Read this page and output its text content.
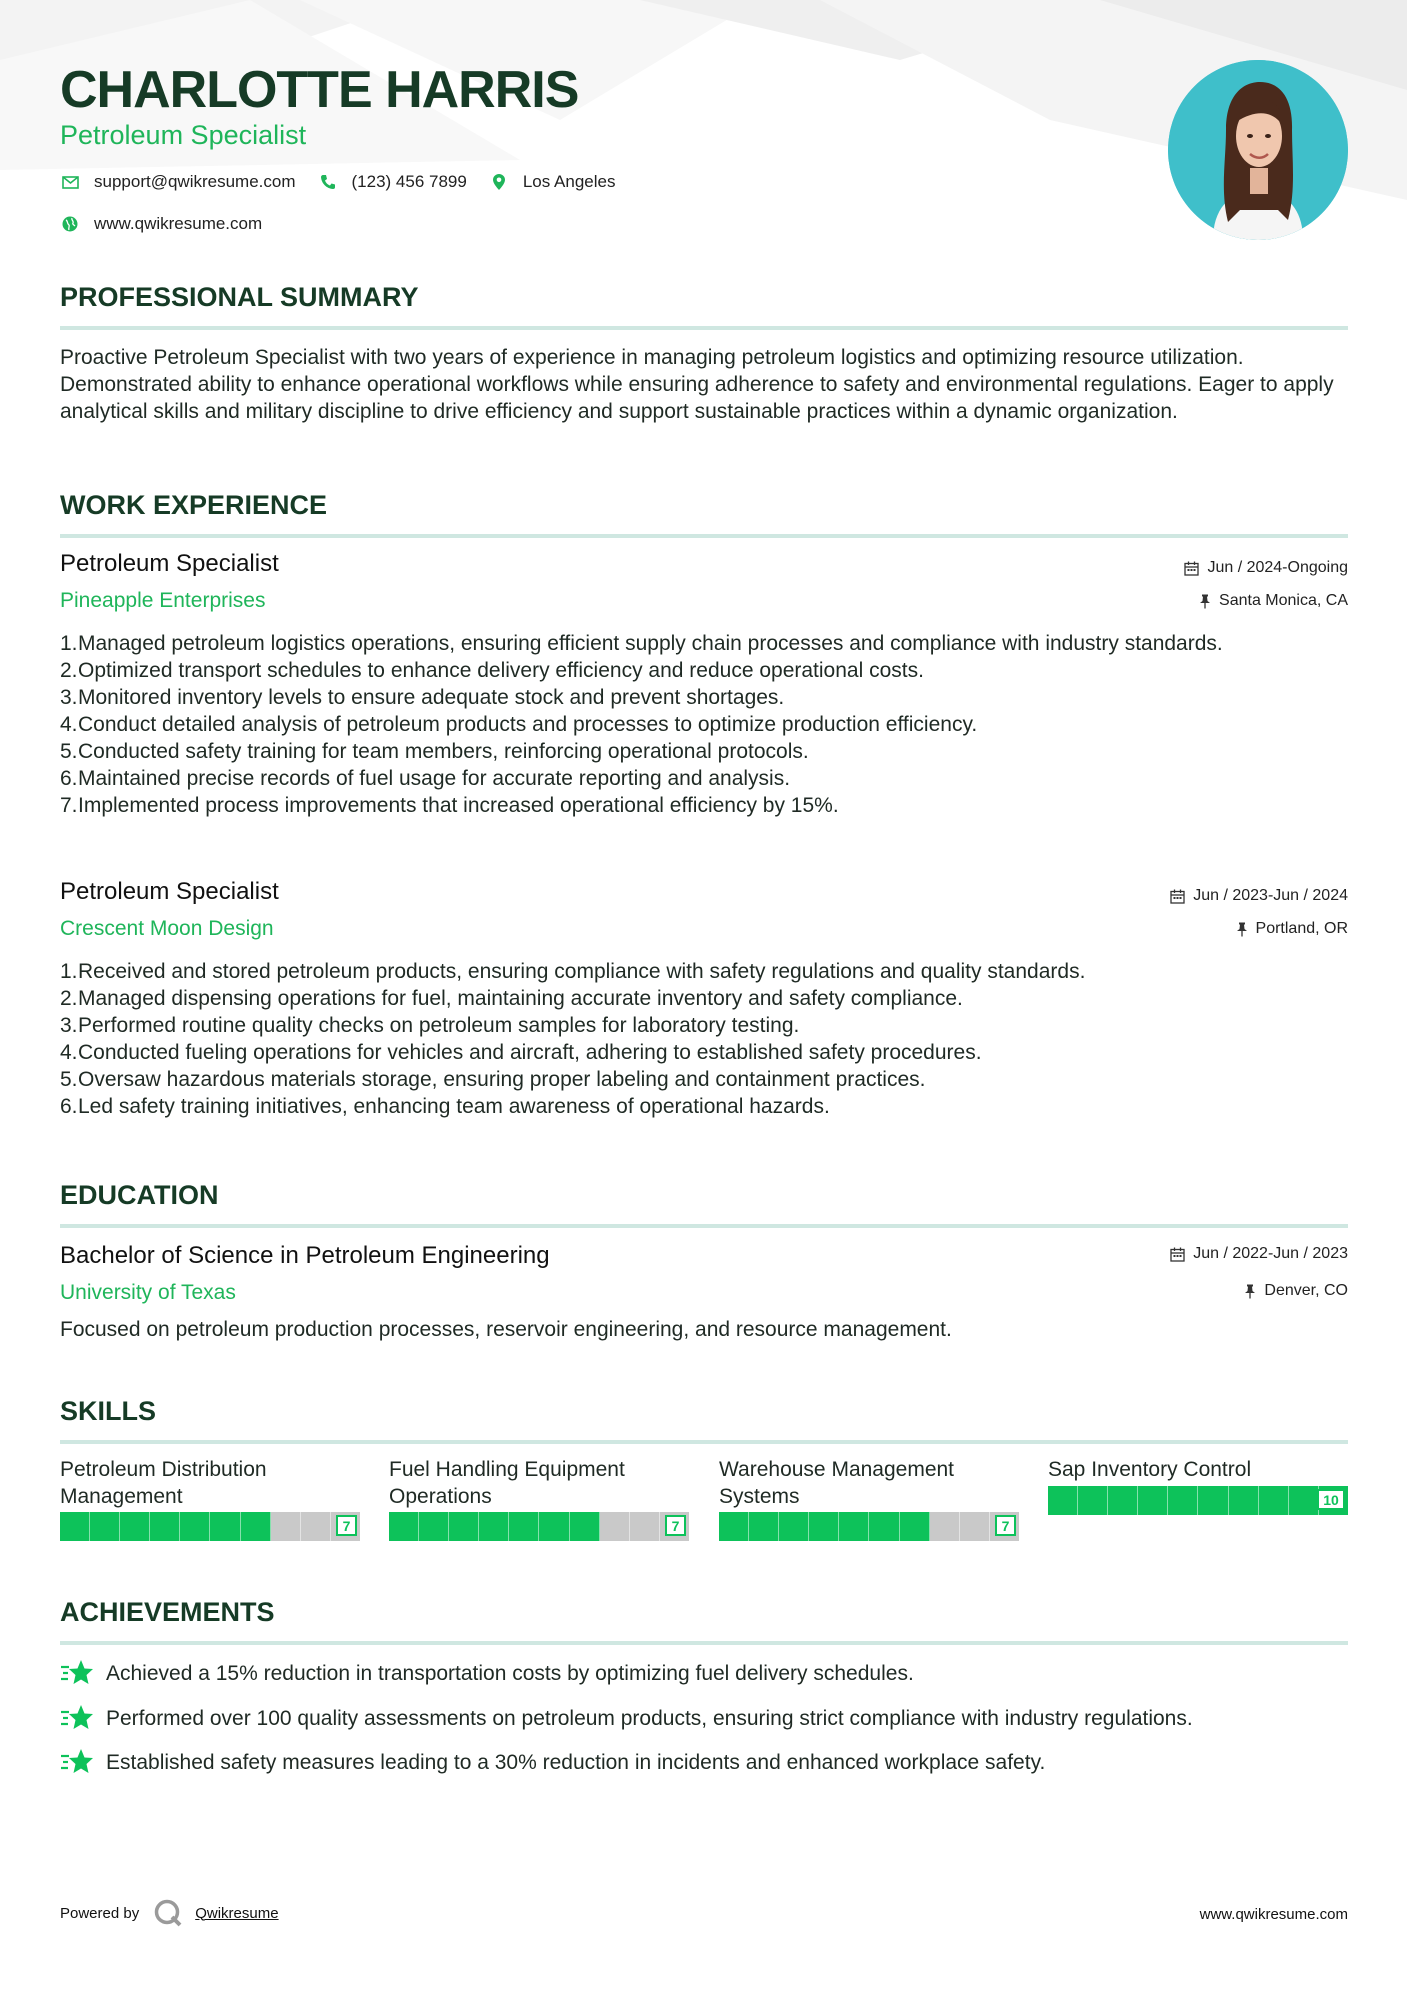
CHARLOTTE HARRIS
Petroleum Specialist
support@qwikresume.com	(123) 456 7899	Los Angeles
www.qwikresume.com
PROFESSIONAL SUMMARY

Proactive Petroleum Specialist with two years of experience in managing petroleum logistics and optimizing resource utilization. Demonstrated ability to enhance operational workflows while ensuring adherence to safety and environmental regulations. Eager to apply analytical skills and military discipline to drive efficiency and support sustainable practices within a dynamic organization.

WORK EXPERIENCE
Petroleum Specialist
Pineapple Enterprises
Jun / 2024-Ongoing
Santa Monica, CA
1. Managed petroleum logistics operations, ensuring efficient supply chain processes and compliance with industry standards.
2. Optimized transport schedules to enhance delivery efficiency and reduce operational costs.
3. Monitored inventory levels to ensure adequate stock and prevent shortages.
4. Conduct detailed analysis of petroleum products and processes to optimize production efficiency.
5. Conducted safety training for team members, reinforcing operational protocols.
6. Maintained precise records of fuel usage for accurate reporting and analysis.
7. Implemented process improvements that increased operational efficiency by 15%.
Petroleum Specialist
Crescent Moon Design
Jun / 2023-Jun / 2024
Portland, OR
1. Received and stored petroleum products, ensuring compliance with safety regulations and quality standards.
2. Managed dispensing operations for fuel, maintaining accurate inventory and safety compliance.
3. Performed routine quality checks on petroleum samples for laboratory testing.
4. Conducted fueling operations for vehicles and aircraft, adhering to established safety procedures.
5. Oversaw hazardous materials storage, ensuring proper labeling and containment practices.
6. Led safety training initiatives, enhancing team awareness of operational hazards.
EDUCATION
Bachelor of Science in Petroleum Engineering
University of Texas
Jun / 2022-Jun / 2023
Denver, CO

Focused on petroleum production processes, reservoir engineering, and resource management.

SKILLS
Petroleum Distribution Management
7
Fuel Handling Equipment Operations
7
Warehouse Management Systems
7
Sap Inventory Control
10
ACHIEVEMENTS
Achieved a 15% reduction in transportation costs by optimizing fuel delivery schedules.
Performed over 100 quality assessments on petroleum products, ensuring strict compliance with industry regulations.
Established safety measures leading to a 30% reduction in incidents and enhanced workplace safety.
Powered by	Qwikresume	www.qwikresume.com
